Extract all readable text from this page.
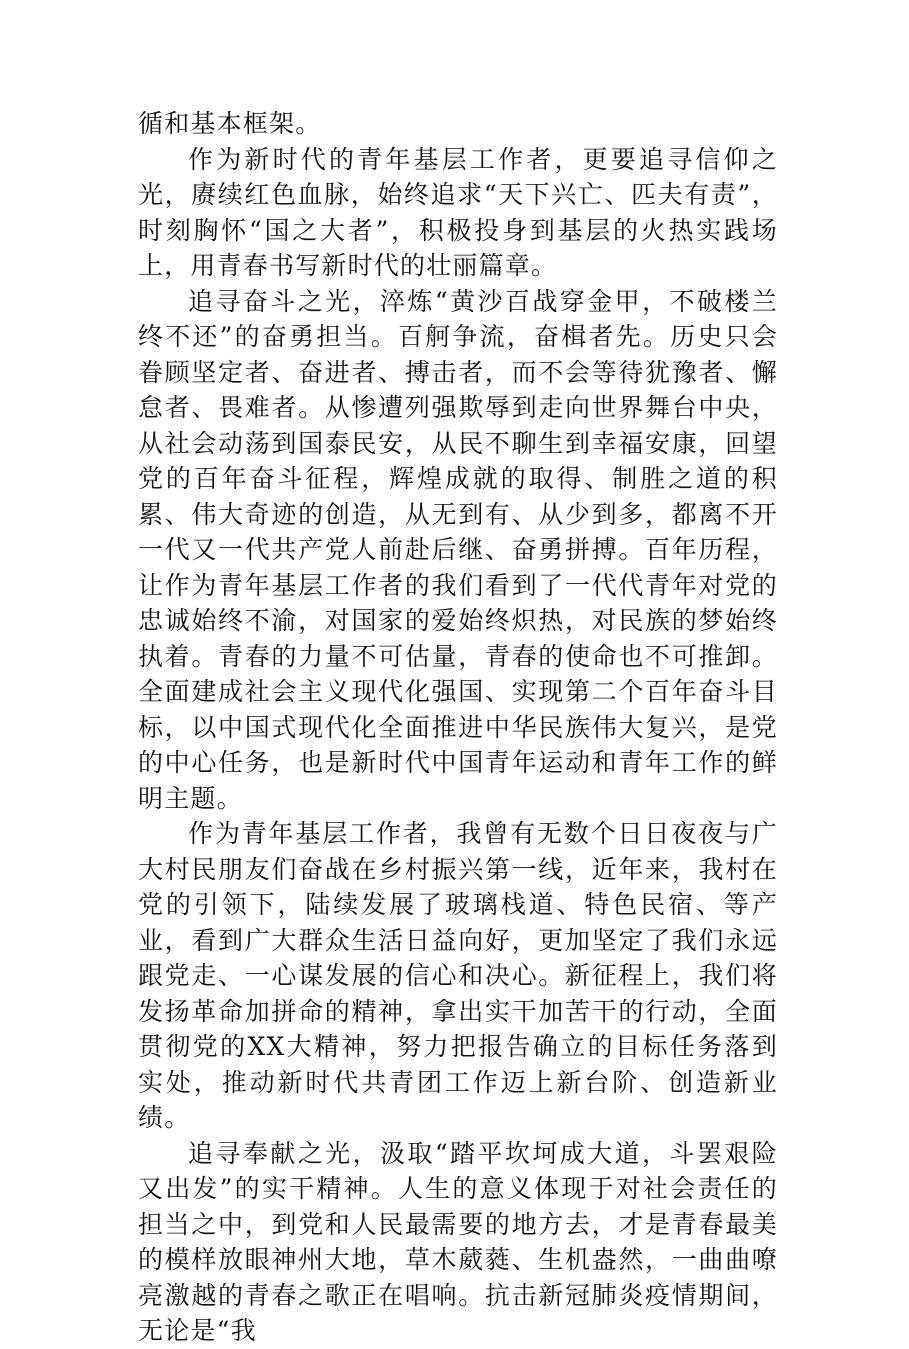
循和基本框架。

作为新时代的青年基层工作者，更要追寻信仰之光，赓续红色血脉，始终追求“天下兴亡、匹夫有责”，时刻胸怀“国之大者”，积极投身到基层的火热实践场上，用青春书写新时代的壮丽篇章。

追寻奋斗之光，淬炼“黄沙百战穿金甲，不破楼兰终不还”的奋勇担当。百舸争流，奋楫者先。历史只会眷顾坚定者、奋进者、搏击者，而不会等待犹豫者、懈怠者、畏难者。从惨遭列强欺辱到走向世界舞台中央，从社会动荡到国泰民安，从民不聊生到幸福安康，回望党的百年奋斗征程，辉煌成就的取得、制胜之道的积累、伟大奇迹的创造，从无到有、从少到多，都离不开一代又一代共产党人前赴后继、奋勇拼搏。百年历程，让作为青年基层工作者的我们看到了一代代青年对党的忠诚始终不渝，对国家的爱始终炽热，对民族的梦始终执着。青春的力量不可估量，青春的使命也不可推卸。全面建成社会主义现代化强国、实现第二个百年奋斗目标，以中国式现代化全面推进中华民族伟大复兴，是党的中心任务，也是新时代中国青年运动和青年工作的鲜明主题。

作为青年基层工作者，我曾有无数个日日夜夜与广大村民朋友们奋战在乡村振兴第一线，近年来，我村在党的引领下，陆续发展了玻璃栈道、特色民宿、等产业，看到广大群众生活日益向好，更加坚定了我们永远跟党走、一心谋发展的信心和决心。新征程上，我们将发扬革命加拼命的精神，拿出实干加苦干的行动，全面贯彻党的XX大精神，努力把报告确立的目标任务落到实处，推动新时代共青团工作迈上新台阶、创造新业绩。

追寻奉献之光，汲取“踏平坎坷成大道，斗罢艰险又出发”的实干精神。人生的意义体现于对社会责任的担当之中，到党和人民最需要的地方去，才是青春最美的模样放眼神州大地，草木葳蕤、生机盎然，一曲曲嘹亮激越的青春之歌正在唱响。抗击新冠肺炎疫情期间，无论是“我
